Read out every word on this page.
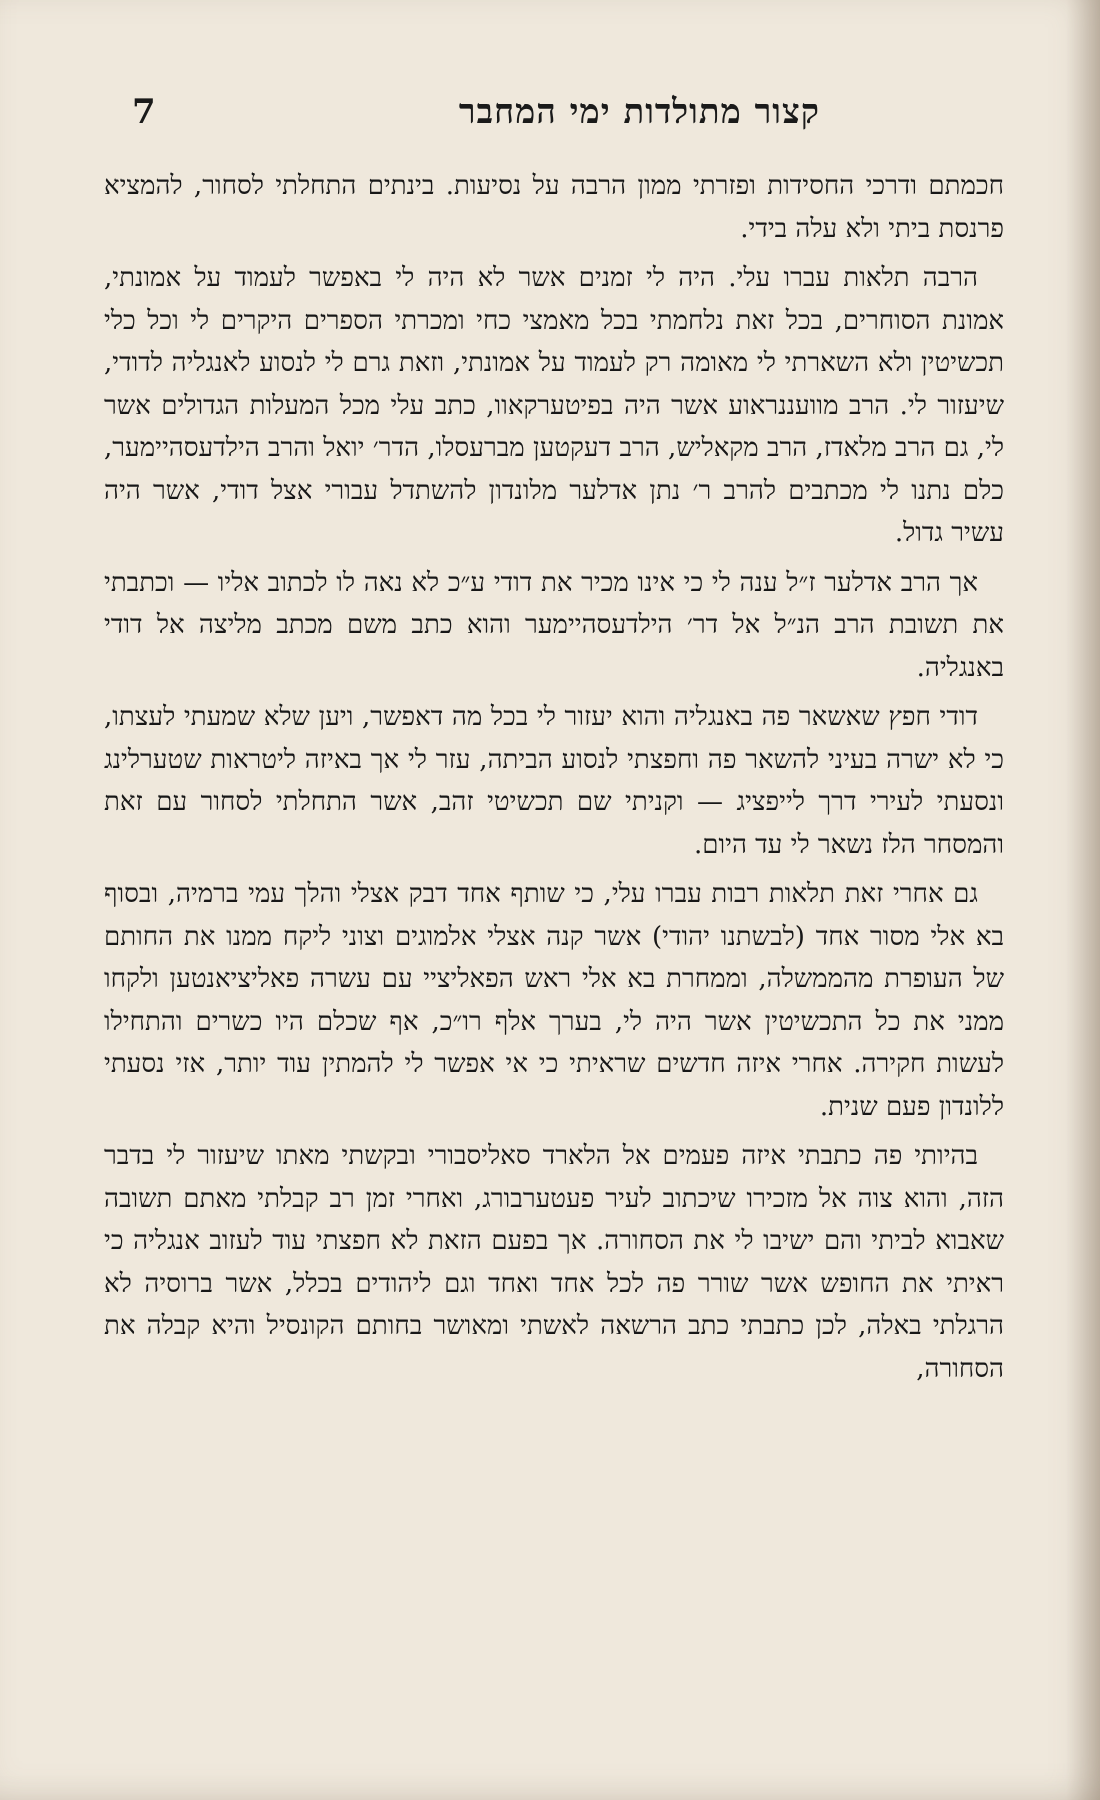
קצור מתולדות ימי המחבר
7

חכמתם ודרכי החסידות ופזרתי ממון הרבה על נסיעות. בינתים התחלתי לסחור, להמציא פרנסת ביתי ולא עלה בידי.

הרבה תלאות עברו עלי. היה לי זמנים אשר לא היה לי באפשר לעמוד על אמונתי, אמונת הסוחרים, בכל זאת נלחמתי בכל מאמצי כחי ומכרתי הספרים היקרים לי וכל כלי תכשיטין ולא השארתי לי מאומה רק לעמוד על אמונתי, וזאת גרם לי לנסוע לאנגליה לדודי, שיעזור לי. הרב מוועננראוע אשר היה בפיטערקאוו, כתב עלי מכל המעלות הגדולים אשר לי, גם הרב מלאדז, הרב מקאליש, הרב דעקטען מברעסלו, הדר׳ יואל והרב הילדעסהיימער, כלם נתנו לי מכתבים להרב ר׳ נתן אדלער מלונדון להשתדל עבורי אצל דודי, אשר היה עשיר גדול.

אך הרב אדלער ז״ל ענה לי כי אינו מכיר את דודי ע״כ לא נאה לו לכתוב אליו — וכתבתי את תשובת הרב הנ״ל אל דר׳ הילדעסהיימער והוא כתב משם מכתב מליצה אל דודי באנגליה.

דודי חפץ שאשאר פה באנגליה והוא יעזור לי בכל מה דאפשר, ויען שלא שמעתי לעצתו, כי לא ישרה בעיני להשאר פה וחפצתי לנסוע הביתה, עזר לי אך באיזה ליטראות שטערלינג ונסעתי לעירי דרך לייפציג — וקניתי שם תכשיטי זהב, אשר התחלתי לסחור עם זאת והמסחר הלז נשאר לי עד היום.

גם אחרי זאת תלאות רבות עברו עלי, כי שותף אחד דבק אצלי והלך עמי ברמיה, ובסוף בא אלי מסור אחד (לבשתנו יהודי) אשר קנה אצלי אלמוגים וצוני ליקח ממנו את החותם של העופרת מהממשלה, וממחרת בא אלי ראש הפאליציי עם עשרה פאליציאנטען ולקחו ממני את כל התכשיטין אשר היה לי, בערך אלף רו״כ, אף שכלם היו כשרים והתחילו לעשות חקירה. אחרי איזה חדשים שראיתי כי אי אפשר לי להמתין עוד יותר, אזי נסעתי ללונדון פעם שנית.

בהיותי פה כתבתי איזה פעמים אל הלארד סאליסבורי ובקשתי מאתו שיעזור לי בדבר הזה, והוא צוה אל מזכירו שיכתוב לעיר פעטערבורג, ואחרי זמן רב קבלתי מאתם תשובה שאבוא לביתי והם ישיבו לי את הסחורה. אך בפעם הזאת לא חפצתי עוד לעזוב אנגליה כי ראיתי את החופש אשר שורר פה לכל אחד ואחד וגם ליהודים בכלל, אשר ברוסיה לא הרגלתי באלה, לכן כתבתי כתב הרשאה לאשתי ומאושר בחותם הקונסיל והיא קבלה את הסחורה,
